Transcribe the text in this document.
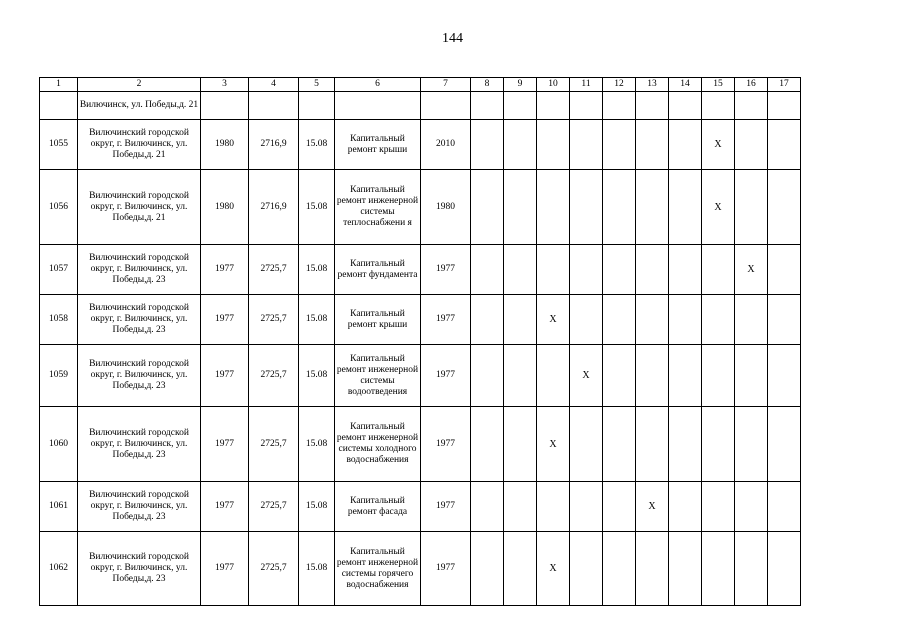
144
1	2	3	4	5	6	7	8	9	10	11	12	13	14	15	16	17
	Вилючинск, ул. Победы,д. 21															
1055	Вилючинский городской округ, г. Вилючинск, ул. Победы,д. 21	1980	2716,9	15.08	Капитальный ремонт крыши	2010								X		
1056	Вилючинский городской округ, г. Вилючинск, ул. Победы,д. 21	1980	2716,9	15.08	Капитальный ремонт инженерной системы теплоснабжени я	1980								X		
1057	Вилючинский городской округ, г. Вилючинск, ул. Победы,д. 23	1977	2725,7	15.08	Капитальный ремонт фундамента	1977									X	
1058	Вилючинский городской округ, г. Вилючинск, ул. Победы,д. 23	1977	2725,7	15.08	Капитальный ремонт крыши	1977			X							
1059	Вилючинский городской округ, г. Вилючинск, ул. Победы,д. 23	1977	2725,7	15.08	Капитальный ремонт инженерной системы водоотведения	1977				X						
1060	Вилючинский городской округ, г. Вилючинск, ул. Победы,д. 23	1977	2725,7	15.08	Капитальный ремонт инженерной системы холодного водоснабжения	1977			X							
1061	Вилючинский городской округ, г. Вилючинск, ул. Победы,д. 23	1977	2725,7	15.08	Капитальный ремонт фасада	1977						X				
1062	Вилючинский городской округ, г. Вилючинск, ул. Победы,д. 23	1977	2725,7	15.08	Капитальный ремонт инженерной системы горячего водоснабжения	1977			X							
